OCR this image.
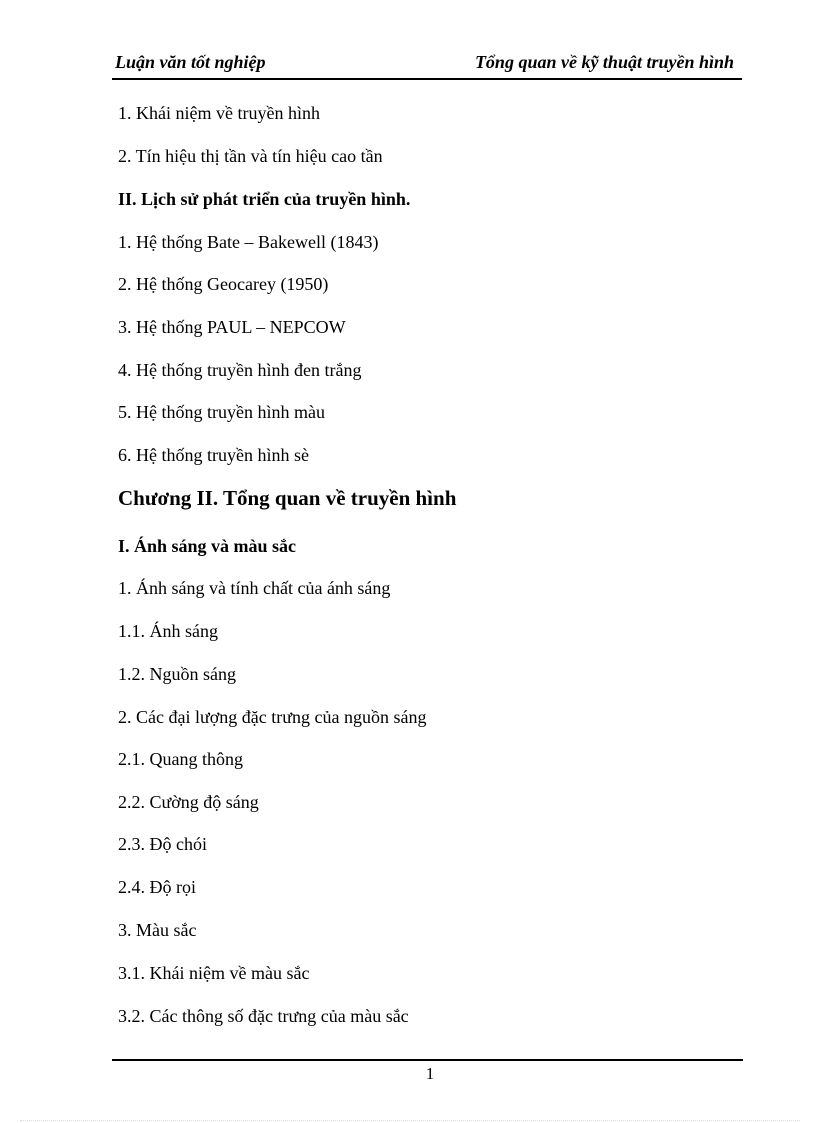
Luận văn tốt nghiệp	Tổng quan về kỹ thuật truyền hình
1. Khái niệm về truyền hình
2. Tín hiệu thị tần và tín hiệu cao tần
II. Lịch sử phát triển của truyền hình.
1. Hệ thống Bate – Bakewell (1843)
2. Hệ thống Geocarey (1950)
3. Hệ thống PAUL – NEPCOW
4. Hệ thống truyền hình đen trắng
5. Hệ thống truyền hình màu
6. Hệ thống truyền hình sè
Chương II. Tổng quan về truyền hình
I. Ánh sáng và màu sắc
1. Ánh sáng và tính chất của ánh sáng
1.1. Ánh sáng
1.2. Nguồn sáng
2. Các đại lượng đặc trưng của nguồn sáng
2.1. Quang thông
2.2. Cường độ sáng
2.3. Độ chói
2.4. Độ rọi
3. Màu sắc
3.1. Khái niệm về màu sắc
3.2. Các thông số đặc trưng của màu sắc
1
